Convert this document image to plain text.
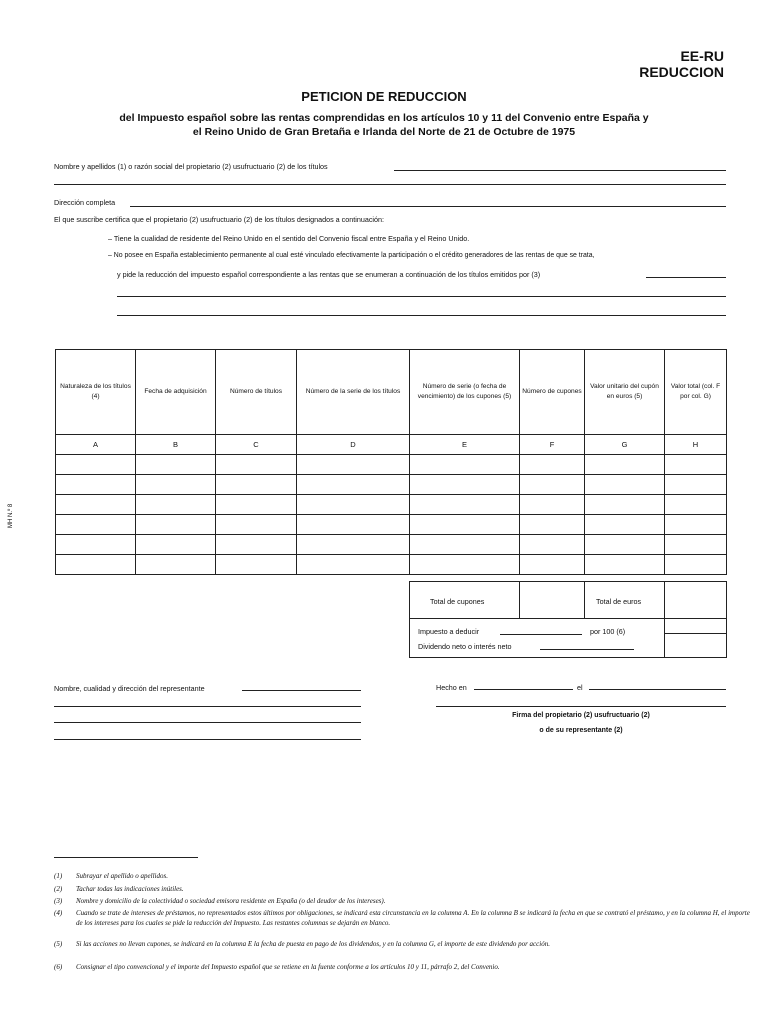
EE-RU
REDUCCION
PETICION DE REDUCCION
del Impuesto español sobre las rentas comprendidas en los artículos 10 y 11 del Convenio entre España y
el Reino Unido de Gran Bretaña e Irlanda del Norte de 21 de Octubre de 1975
MH N.º 8
Nombre y apellidos (1) o razón social del propietario (2) usufructuario (2) de los títulos
Dirección completa
El que suscribe certifica que el propietario (2) usufructuario (2) de los títulos designados a continuación:
– Tiene la cualidad de residente del Reino Unido en el sentido del Convenio fiscal entre España y el Reino Unido.
– No posee en España establecimiento permanente al cual esté vinculado efectivamente la participación o el crédito generadores de las rentas de que se trata,
y pide la reducción del impuesto español correspondiente a las rentas que se enumeran a continuación de los títulos emitidos por (3)
Naturaleza de los títulos (4)	Fecha de adquisición	Número de títulos	Número de la serie de los títulos	Número de serie (o fecha de vencimiento) de los cupones (5)	Número de cupones	Valor unitario del cupón en euros (5)	Valor total (col. F por col. G)
A	B	C	D	E	F	G	H

Total de cupones	Total de euros
Impuesto a deducir	por 100 (6)
Dividendo neto o interés neto
Nombre, cualidad y dirección del representante	Hecho en	el
Firma del propietario (2) usufructuario (2)
o de su representante (2)
(1) Subrayar el apellido o apellidos.
(2) Tachar todas las indicaciones inútiles.
(3) Nombre y domicilio de la colectividad o sociedad emisora residente en España (o del deudor de los intereses).
(4) Cuando se trate de intereses de préstamos, no representados estos últimos por obligaciones, se indicará esta circunstancia en la columna A. En la columna B se indicará la fecha en que se contrató el préstamo, y en la columna H, el importe de los intereses para los cuales se pide la reducción del Impuesto. Las restantes columnas se dejarán en blanco.
(5) Si las acciones no llevan cupones, se indicará en la columna E la fecha de puesta en pago de los dividendos, y en la columna G, el importe de este dividendo por acción.
(6) Consignar el tipo convencional y el importe del Impuesto español que se retiene en la fuente conforme a los artículos 10 y 11, párrafo 2, del Convenio.
